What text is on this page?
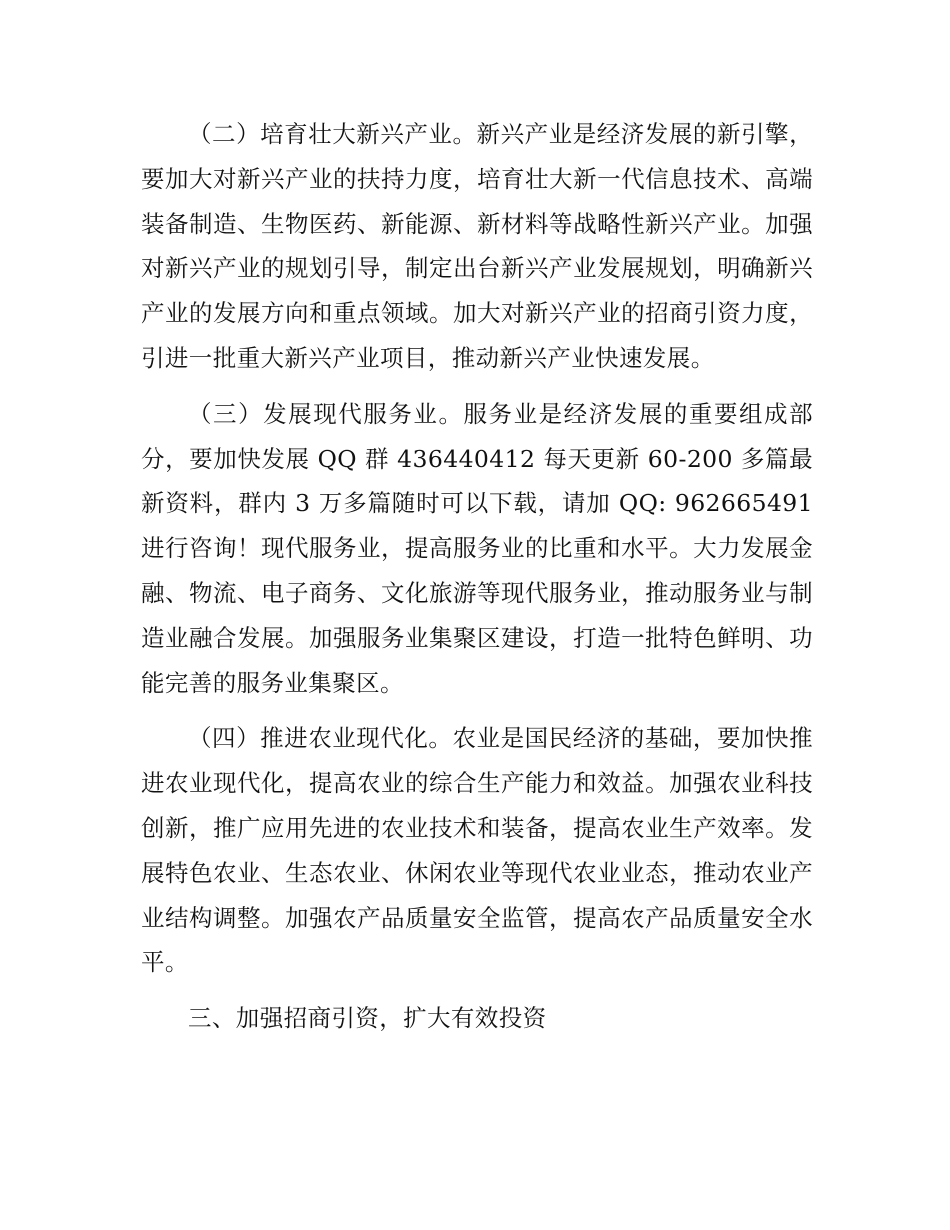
（二）培育壮大新兴产业。新兴产业是经济发展的新引擎，要加大对新兴产业的扶持力度，培育壮大新一代信息技术、高端装备制造、生物医药、新能源、新材料等战略性新兴产业。加强对新兴产业的规划引导，制定出台新兴产业发展规划，明确新兴产业的发展方向和重点领域。加大对新兴产业的招商引资力度，引进一批重大新兴产业项目，推动新兴产业快速发展。

（三）发展现代服务业。服务业是经济发展的重要组成部分，要加快发展 QQ 群 436440412 每天更新 60-200 多篇最新资料，群内 3 万多篇随时可以下载，请加 QQ: 962665491 进行咨询！现代服务业，提高服务业的比重和水平。大力发展金融、物流、电子商务、文化旅游等现代服务业，推动服务业与制造业融合发展。加强服务业集聚区建设，打造一批特色鲜明、功能完善的服务业集聚区。

（四）推进农业现代化。农业是国民经济的基础，要加快推进农业现代化，提高农业的综合生产能力和效益。加强农业科技创新，推广应用先进的农业技术和装备，提高农业生产效率。发展特色农业、生态农业、休闲农业等现代农业业态，推动农业产业结构调整。加强农产品质量安全监管，提高农产品质量安全水平。

三、加强招商引资，扩大有效投资
